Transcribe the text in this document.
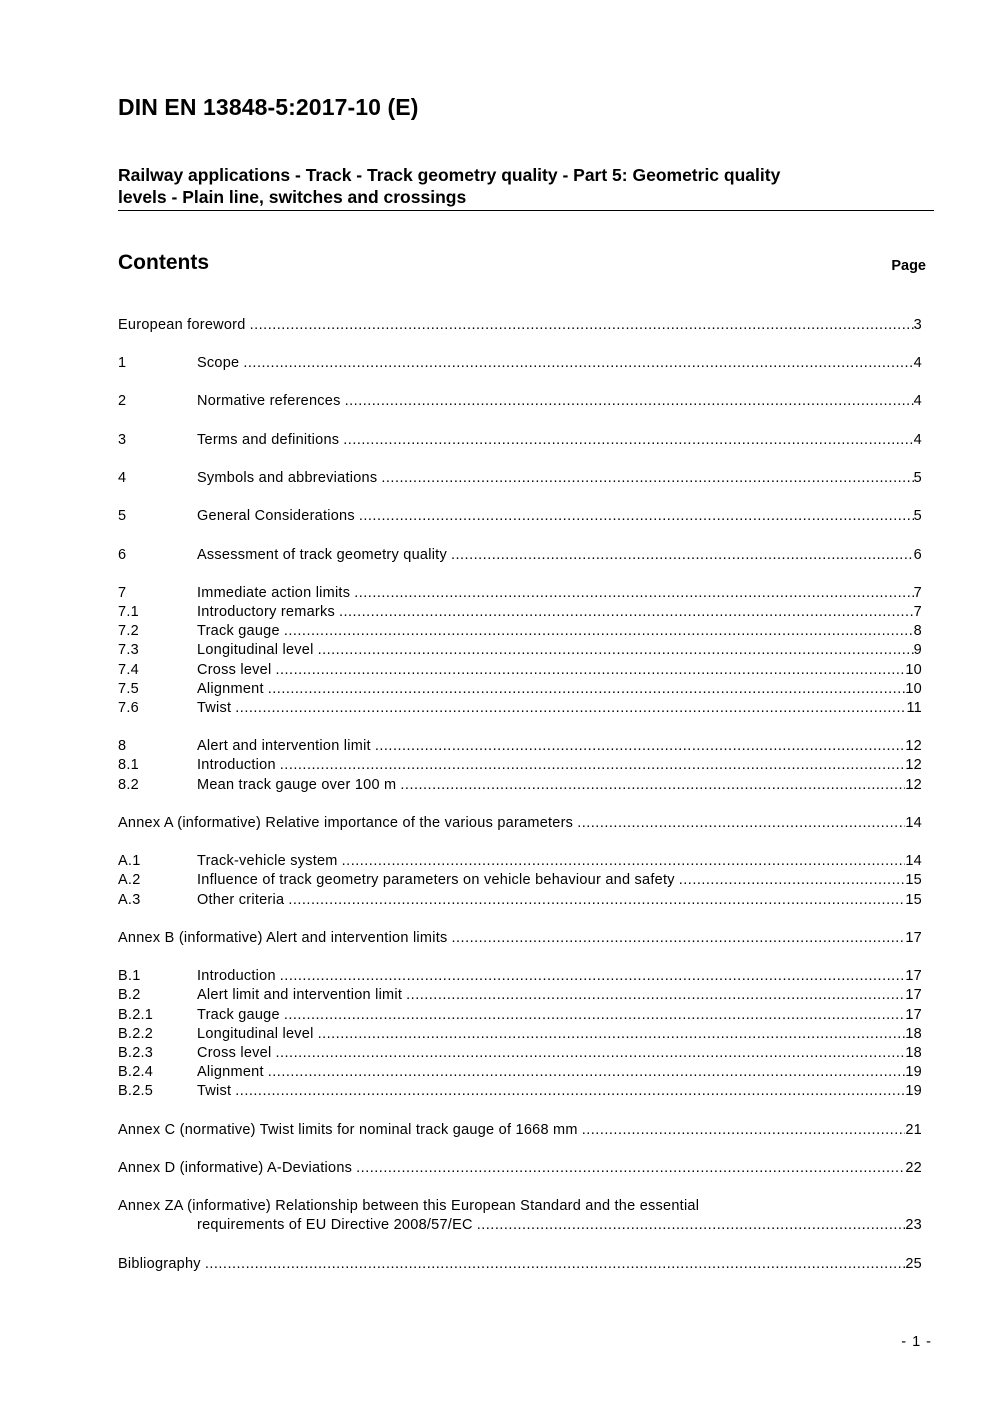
DIN EN 13848-5:2017-10 (E)
Railway applications - Track - Track geometry quality - Part 5: Geometric quality
levels - Plain line, switches and crossings
Contents	Page
European foreword .....	3
1	Scope .....	4
2	Normative references .....	4
3	Terms and definitions .....	4
4	Symbols and abbreviations .....	5
5	General Considerations .....	5
6	Assessment of track geometry quality .....	6
7	Immediate action limits .....	7
7.1	Introductory remarks .....	7
7.2	Track gauge .....	8
7.3	Longitudinal level .....	9
7.4	Cross level .....	10
7.5	Alignment .....	10
7.6	Twist .....	11
8	Alert and intervention limit .....	12
8.1	Introduction .....	12
8.2	Mean track gauge over 100 m .....	12
Annex A (informative) Relative importance of the various parameters .....	14
A.1	Track-vehicle system .....	14
A.2	Influence of track geometry parameters on vehicle behaviour and safety .....	15
A.3	Other criteria .....	15
Annex B (informative) Alert and intervention limits .....	17
B.1	Introduction .....	17
B.2	Alert limit and intervention limit .....	17
B.2.1	Track gauge .....	17
B.2.2	Longitudinal level .....	18
B.2.3	Cross level .....	18
B.2.4	Alignment .....	19
B.2.5	Twist .....	19
Annex C (normative) Twist limits for nominal track gauge of 1668 mm .....	21
Annex D (informative) A-Deviations .....	22
Annex ZA (informative) Relationship between this European Standard and the essential
requirements of EU Directive 2008/57/EC .....	23
Bibliography .....	25
- 1 -
